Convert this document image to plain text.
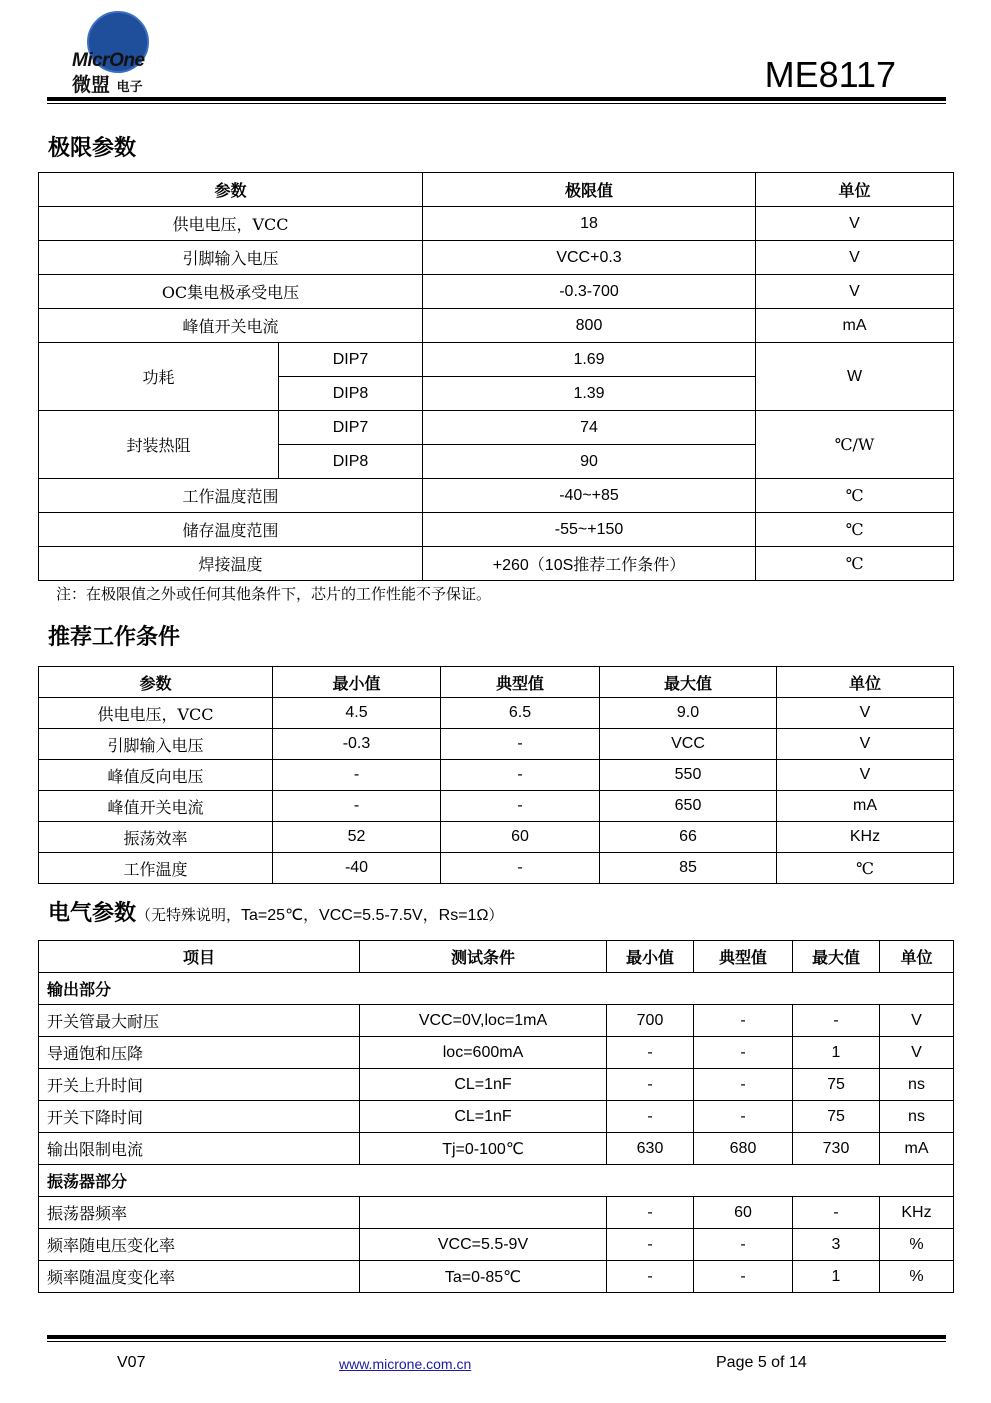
MicrOne
微盟 电子	ME8117
极限参数
参数		极限值	单位
供电电压，VCC		18	V
引脚输入电压		VCC+0.3	V
OC集电极承受电压		-0.3-700	V
峰值开关电流		800	mA
功耗	DIP7	1.69	W
	DIP8	1.39	
封装热阻	DIP7	74	℃/W
	DIP8	90	
工作温度范围		-40~+85	℃
储存温度范围		-55~+150	℃
焊接温度		+260（10S推荐工作条件）	℃
注：在极限值之外或任何其他条件下，芯片的工作性能不予保证。
推荐工作条件
参数	最小值	典型值	最大值	单位
供电电压，VCC	4.5	6.5	9.0	V
引脚输入电压	-0.3	-	VCC	V
峰值反向电压	-	-	550	V
峰值开关电流	-	-	650	mA
振荡效率	52	60	66	KHz
工作温度	-40	-	85	℃
电气参数（无特殊说明，Ta=25℃，VCC=5.5-7.5V，Rs=1Ω）
项目	测试条件	最小值	典型值	最大值	单位
输出部分					
开关管最大耐压	VCC=0V,loc=1mA	700	-	-	V
导通饱和压降	loc=600mA	-	-	1	V
开关上升时间	CL=1nF	-	-	75	ns
开关下降时间	CL=1nF	-	-	75	ns
输出限制电流	Tj=0-100℃	630	680	730	mA
振荡器部分					
振荡器频率		-	60	-	KHz
频率随电压变化率	VCC=5.5-9V	-	-	3	%
频率随温度变化率	Ta=0-85℃	-	-	1	%
V07	www.microne.com.cn	Page 5 of 14
